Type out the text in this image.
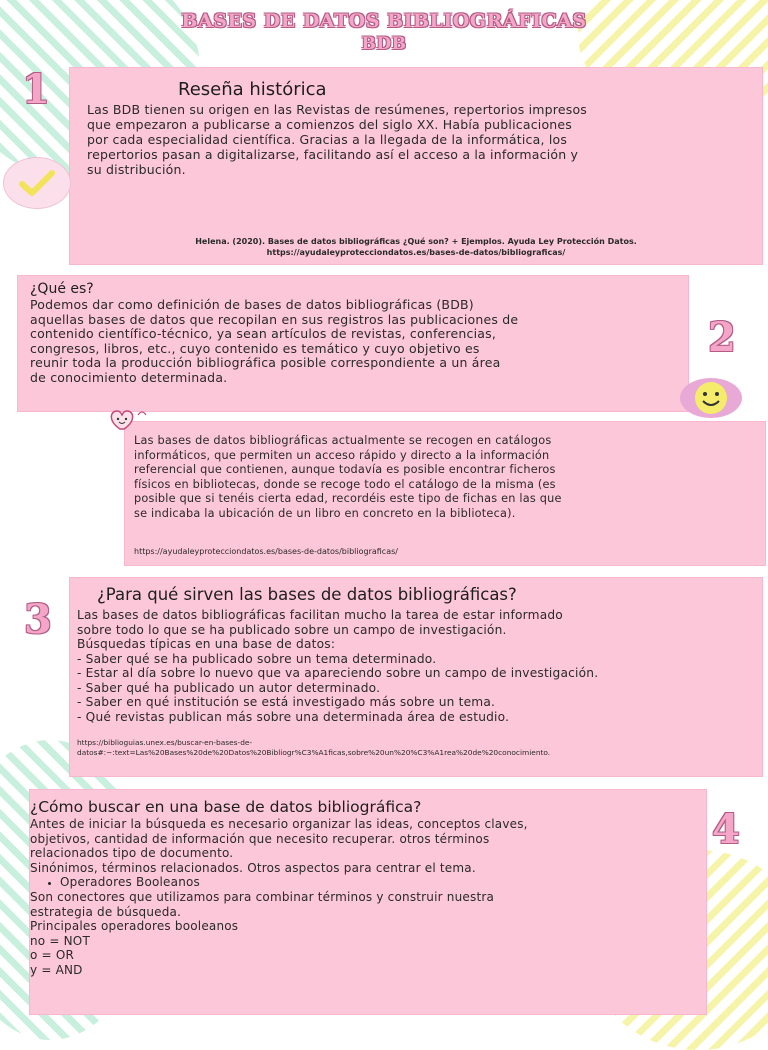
BASES DE DATOS BIBLIOGRÁFICAS
BDB
1	Reseña histórica
Las BDB tienen su origen en las Revistas de resúmenes, repertorios impresos
que empezaron a publicarse a comienzos del siglo XX. Había publicaciones
por cada especialidad científica. Gracias a la llegada de la informática, los
repertorios pasan a digitalizarse, facilitando así el acceso a la información y
su distribución.
Helena. (2020). Bases de datos bibliográficas ¿Qué son? + Ejemplos. Ayuda Ley Protección Datos.
https://ayudaleyprotecciondatos.es/bases-de-datos/bibliograficas/
2
¿Qué es?
Podemos dar como definición de bases de datos bibliográficas (BDB)
aquellas bases de datos que recopilan en sus registros las publicaciones de
contenido científico-técnico, ya sean artículos de revistas, conferencias,
congresos, libros, etc., cuyo contenido es temático y cuyo objetivo es
reunir toda la producción bibliográfica posible correspondiente a un área
de conocimiento determinada.
Las bases de datos bibliográficas actualmente se recogen en catálogos
informáticos, que permiten un acceso rápido y directo a la información
referencial que contienen, aunque todavía es posible encontrar ficheros
físicos en bibliotecas, donde se recoge todo el catálogo de la misma (es
posible que si tenéis cierta edad, recordéis este tipo de fichas en las que
se indicaba la ubicación de un libro en concreto en la biblioteca).
https://ayudaleyprotecciondatos.es/bases-de-datos/bibliograficas/
3
¿Para qué sirven las bases de datos bibliográficas?
Las bases de datos bibliográficas facilitan mucho la tarea de estar informado
sobre todo lo que se ha publicado sobre un campo de investigación.
Búsquedas típicas en una base de datos:
- Saber qué se ha publicado sobre un tema determinado.
- Estar al día sobre lo nuevo que va apareciendo sobre un campo de investigación.
- Saber qué ha publicado un autor determinado.
- Saber en qué institución se está investigado más sobre un tema.
- Qué revistas publican más sobre una determinada área de estudio.
https://biblioguias.unex.es/buscar-en-bases-de-
datos#:~:text=Las%20Bases%20de%20Datos%20Bibliogr%C3%A1ficas,sobre%20un%20%C3%A1rea%20de%20conocimiento.
4
¿Cómo buscar en una base de datos bibliográfica?
Antes de iniciar la búsqueda es necesario organizar las ideas, conceptos claves,
objetivos, cantidad de información que necesito recuperar. otros términos
relacionados tipo de documento.
Sinónimos, términos relacionados. Otros aspectos para centrar el tema.
• Operadores Booleanos
Son conectores que utilizamos para combinar términos y construir nuestra
estrategia de búsqueda.
Principales operadores booleanos
no = NOT
o = OR
y = AND
